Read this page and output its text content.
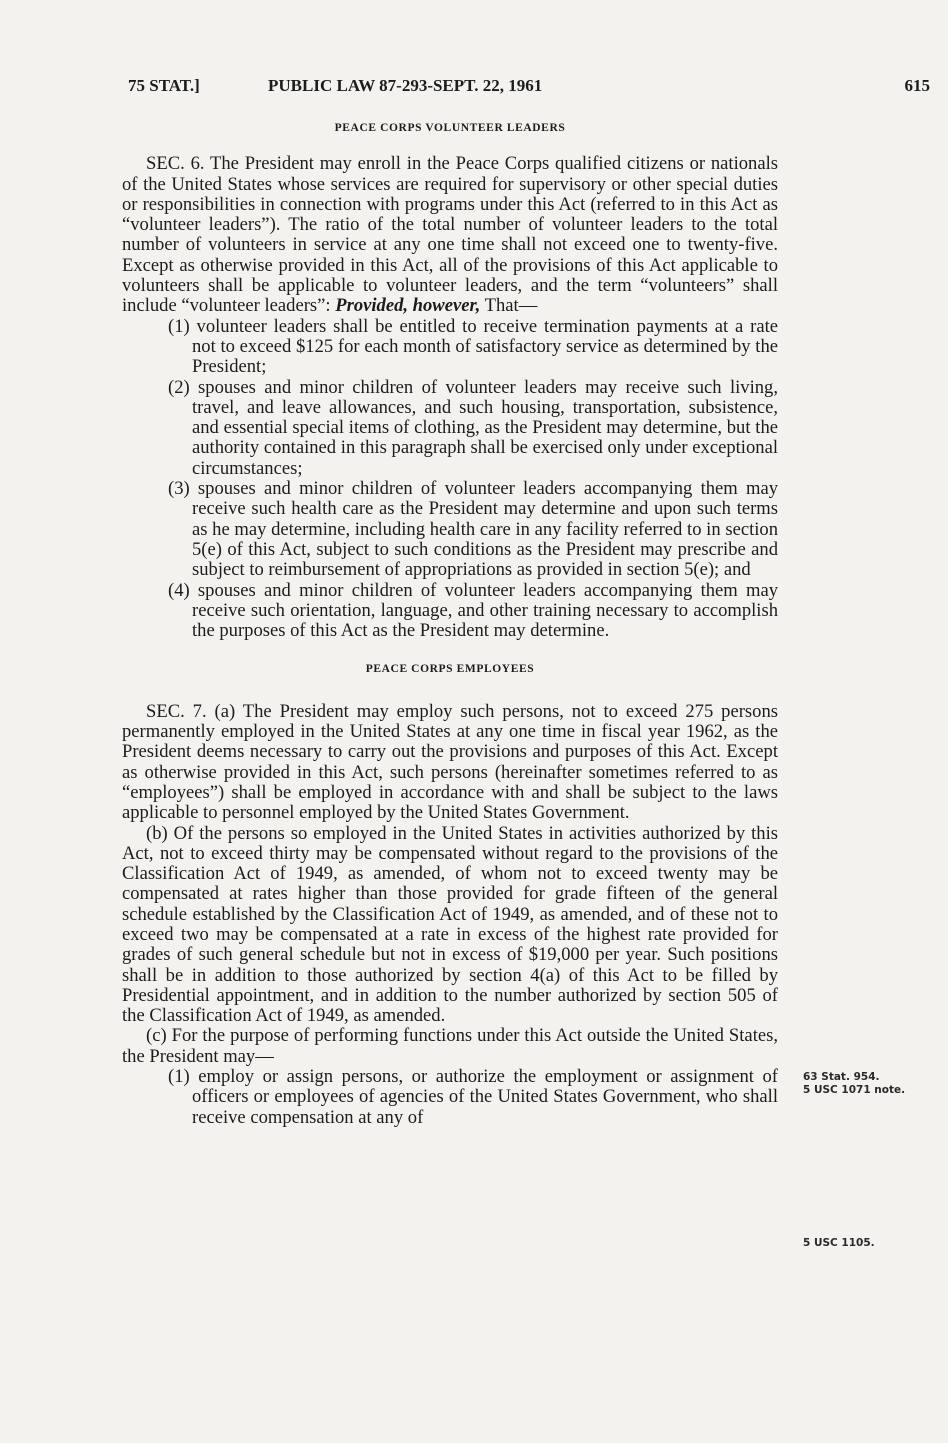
75 STAT.]	PUBLIC LAW 87-293-SEPT. 22, 1961	615
PEACE CORPS VOLUNTEER LEADERS

SEC. 6. The President may enroll in the Peace Corps qualified citizens or nationals of the United States whose services are required for supervisory or other special duties or responsibilities in connection with programs under this Act (referred to in this Act as “volunteer leaders”). The ratio of the total number of volunteer leaders to the total number of volunteers in service at any one time shall not exceed one to twenty-five. Except as otherwise provided in this Act, all of the provisions of this Act applicable to volunteers shall be applicable to volunteer leaders, and the term “volunteers” shall include “volunteer leaders”: Provided, however, That—

(1) volunteer leaders shall be entitled to receive termination payments at a rate not to exceed $125 for each month of satisfactory service as determined by the President;

(2) spouses and minor children of volunteer leaders may receive such living, travel, and leave allowances, and such housing, transportation, subsistence, and essential special items of clothing, as the President may determine, but the authority contained in this paragraph shall be exercised only under exceptional circumstances;

(3) spouses and minor children of volunteer leaders accompanying them may receive such health care as the President may determine and upon such terms as he may determine, including health care in any facility referred to in section 5(e) of this Act, subject to such conditions as the President may prescribe and subject to reimbursement of appropriations as provided in section 5(e); and

(4) spouses and minor children of volunteer leaders accompanying them may receive such orientation, language, and other training necessary to accomplish the purposes of this Act as the President may determine.

PEACE CORPS EMPLOYEES

SEC. 7. (a) The President may employ such persons, not to exceed 275 persons permanently employed in the United States at any one time in fiscal year 1962, as the President deems necessary to carry out the provisions and purposes of this Act. Except as otherwise provided in this Act, such persons (hereinafter sometimes referred to as “employees”) shall be employed in accordance with and shall be subject to the laws applicable to personnel employed by the United States Government.

(b) Of the persons so employed in the United States in activities authorized by this Act, not to exceed thirty may be compensated without regard to the provisions of the Classification Act of 1949, as amended, of whom not to exceed twenty may be compensated at rates higher than those provided for grade fifteen of the general schedule established by the Classification Act of 1949, as amended, and of these not to exceed two may be compensated at a rate in excess of the highest rate provided for grades of such general schedule but not in excess of $19,000 per year. Such positions shall be in addition to those authorized by section 4(a) of this Act to be filled by Presidential appointment, and in addition to the number authorized by section 505 of the Classification Act of 1949, as amended.

(c) For the purpose of performing functions under this Act outside the United States, the President may—

(1) employ or assign persons, or authorize the employment or assignment of officers or employees of agencies of the United States Government, who shall receive compensation at any of

63 Stat. 954.
5 USC 1071 note.
5 USC 1105.
